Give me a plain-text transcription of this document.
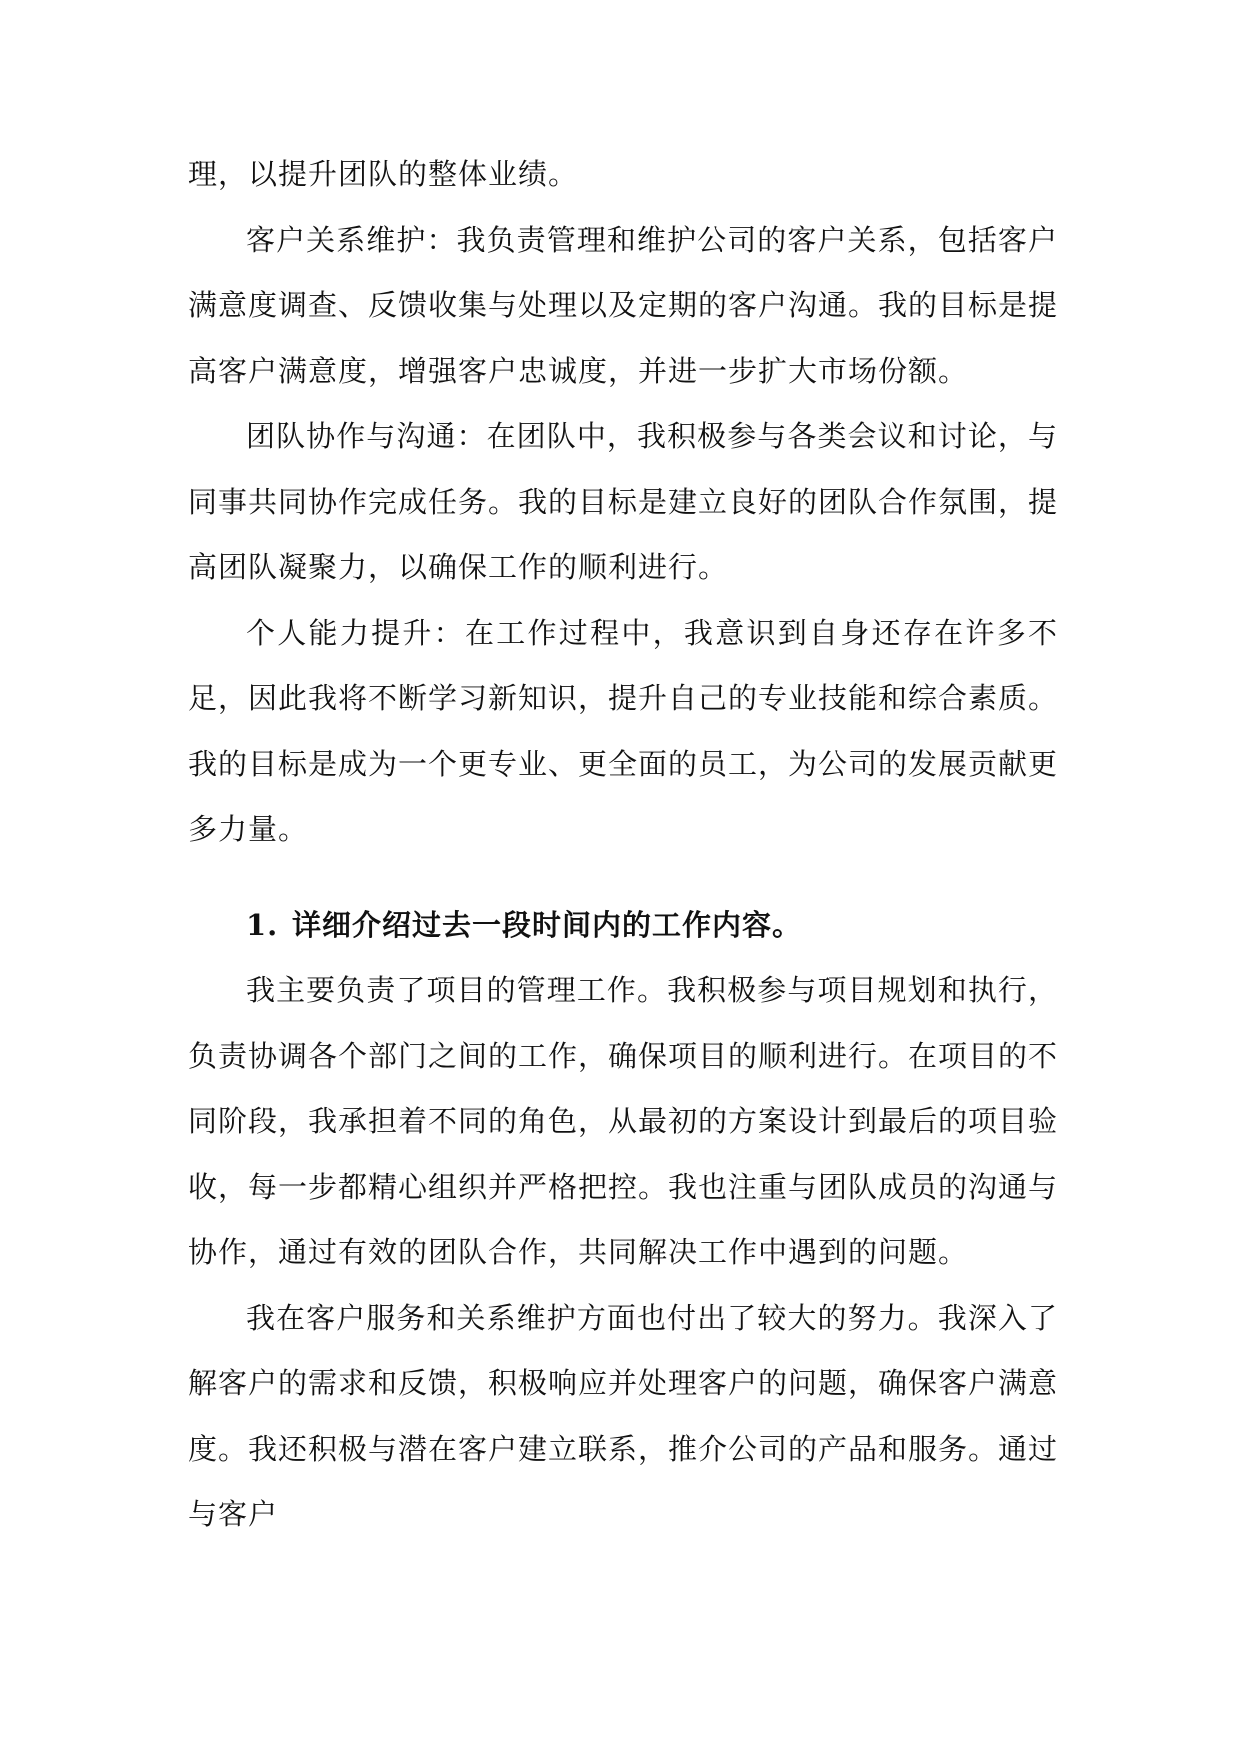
理，以提升团队的整体业绩。

客户关系维护：我负责管理和维护公司的客户关系，包括客户满意度调查、反馈收集与处理以及定期的客户沟通。我的目标是提高客户满意度，增强客户忠诚度，并进一步扩大市场份额。

团队协作与沟通：在团队中，我积极参与各类会议和讨论，与同事共同协作完成任务。我的目标是建立良好的团队合作氛围，提高团队凝聚力，以确保工作的顺利进行。

个人能力提升：在工作过程中，我意识到自身还存在许多不足，因此我将不断学习新知识，提升自己的专业技能和综合素质。我的目标是成为一个更专业、更全面的员工，为公司的发展贡献更多力量。

1. 详细介绍过去一段时间内的工作内容。

我主要负责了项目的管理工作。我积极参与项目规划和执行，负责协调各个部门之间的工作，确保项目的顺利进行。在项目的不同阶段，我承担着不同的角色，从最初的方案设计到最后的项目验收，每一步都精心组织并严格把控。我也注重与团队成员的沟通与协作，通过有效的团队合作，共同解决工作中遇到的问题。

我在客户服务和关系维护方面也付出了较大的努力。我深入了解客户的需求和反馈，积极响应并处理客户的问题，确保客户满意度。我还积极与潜在客户建立联系，推介公司的产品和服务。通过与客户
